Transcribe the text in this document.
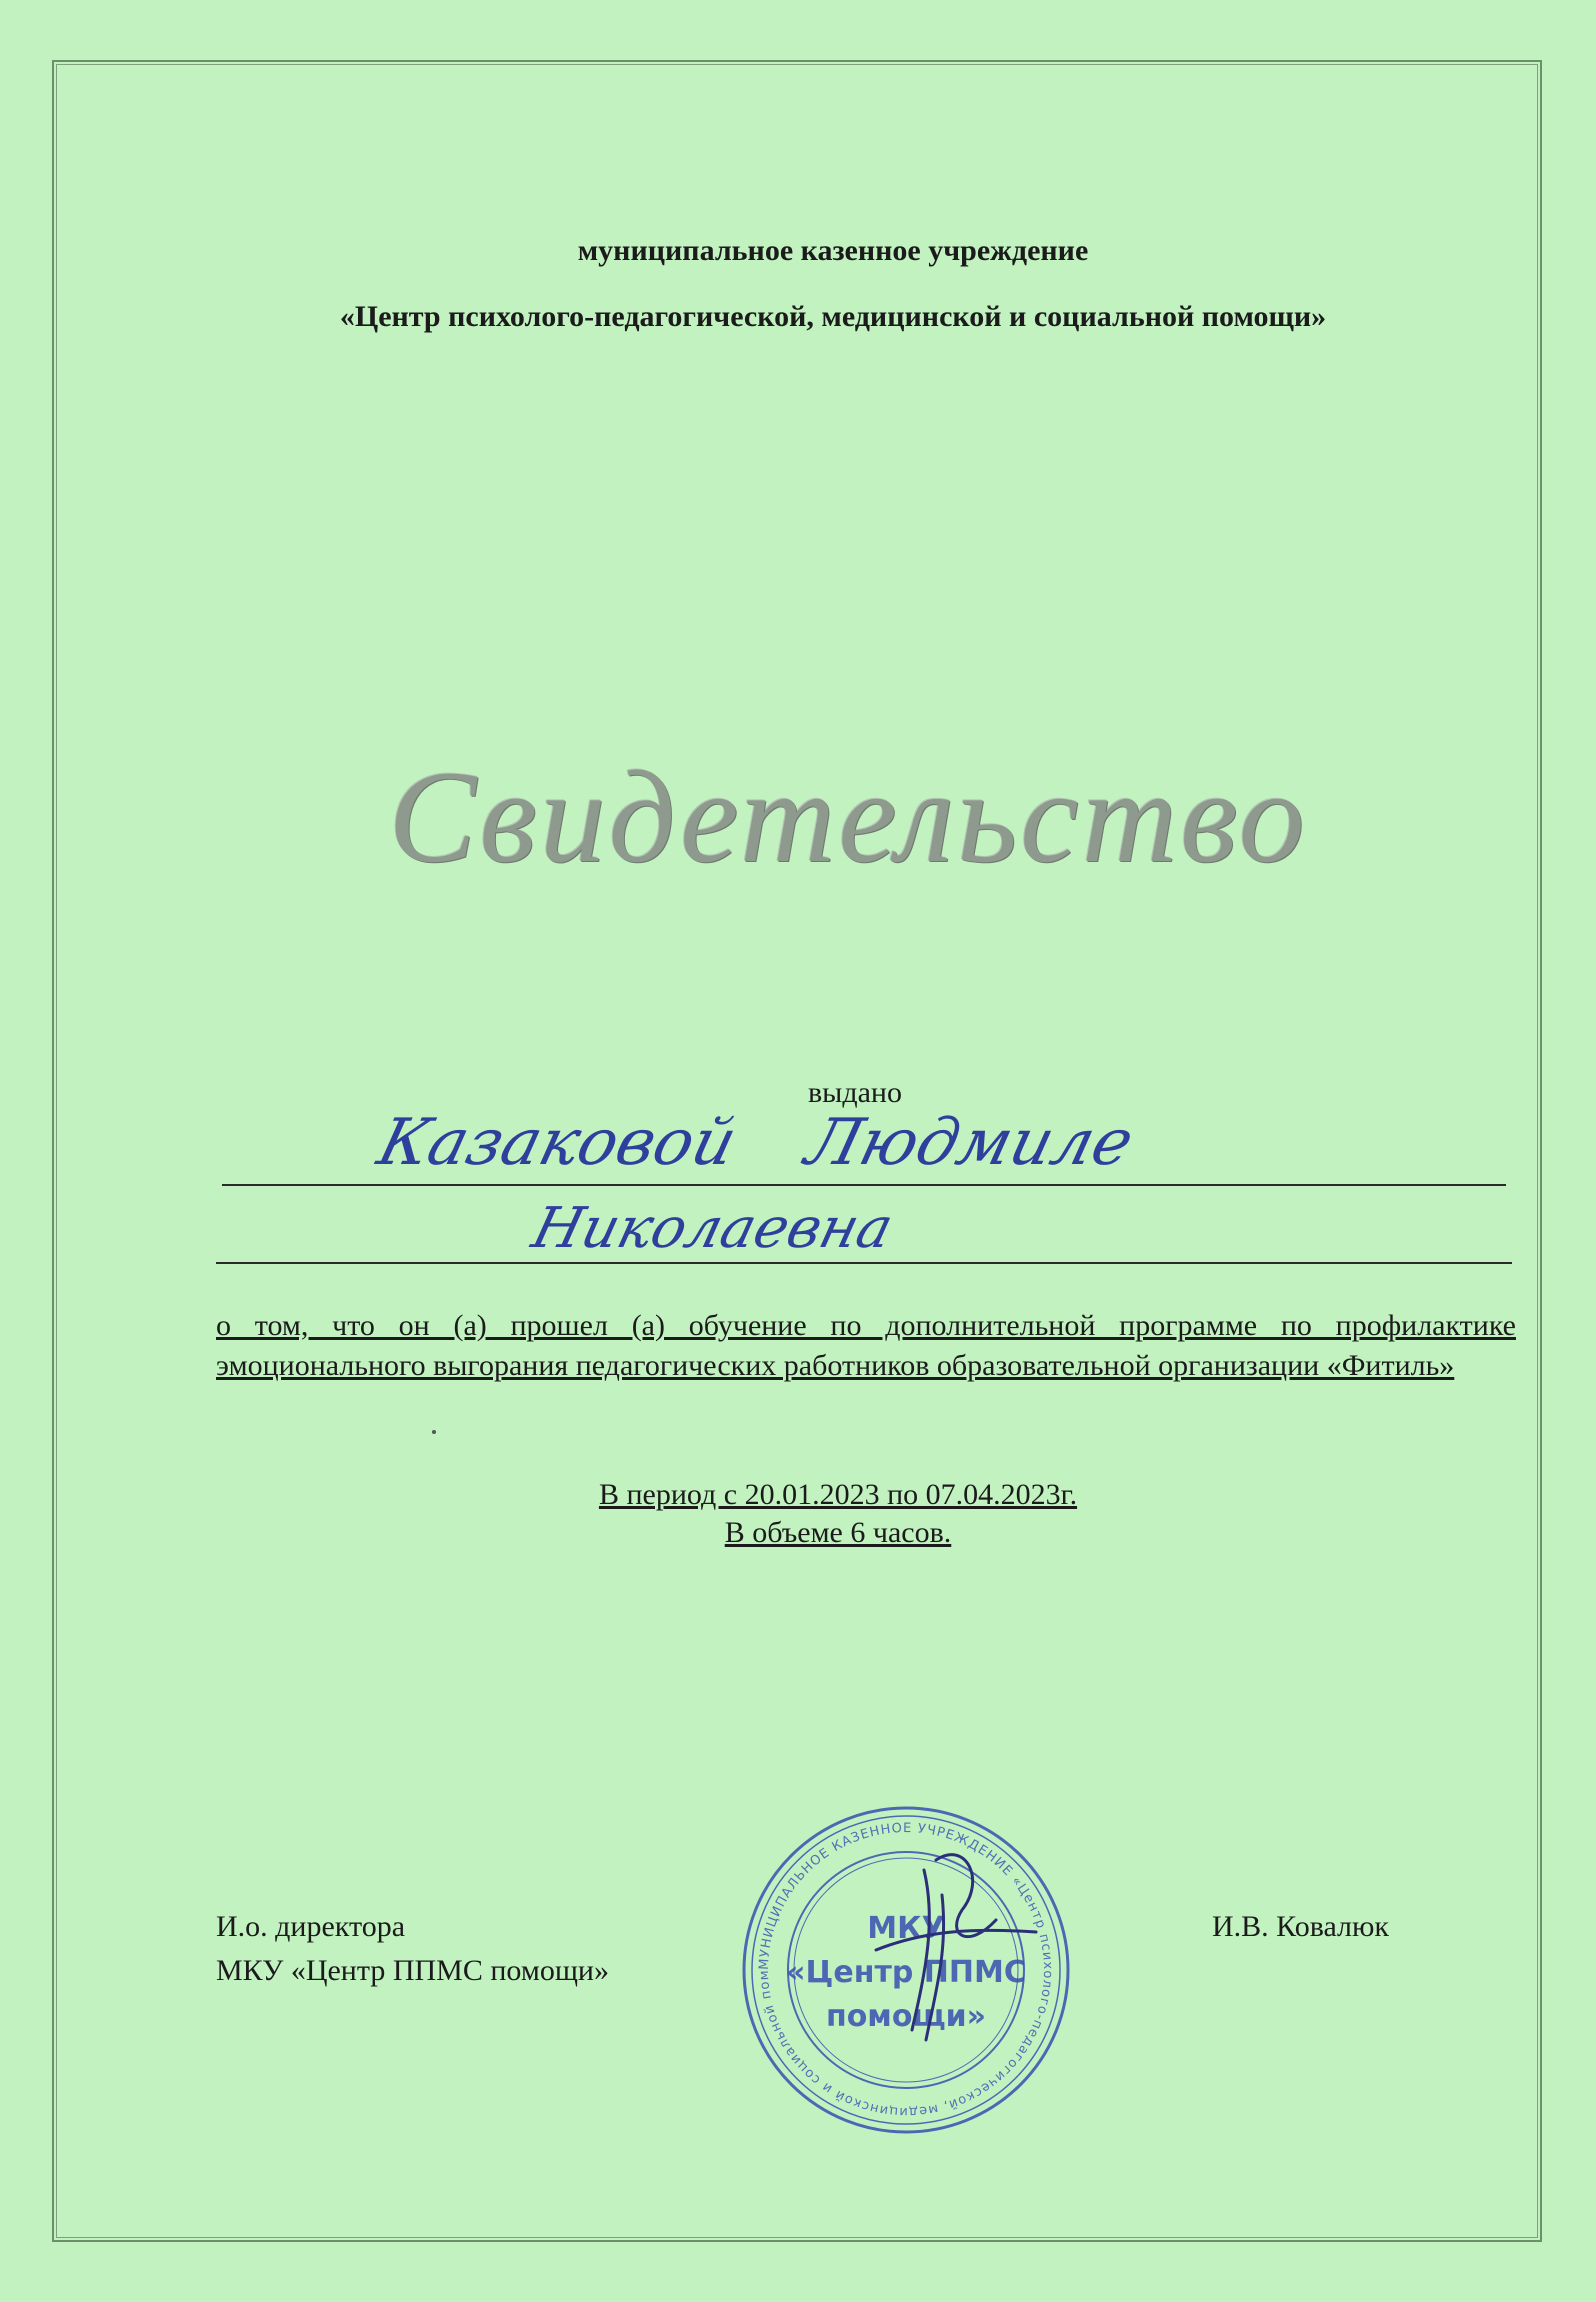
муниципальное казенное учреждение
«Центр психолого-педагогической, медицинской и социальной помощи»
Свидетельство
выдано
Казаковой Людмиле
Николаевна
о том, что он (а) прошел (а) обучение по дополнительной программе по профилактике эмоционального выгорания педагогических работников образовательной организации «Фитиль»
В период с 20.01.2023 по 07.04.2023г.
В объеме 6 часов.
И.о. директора
МКУ «Центр ППМС помощи»
И.В. Ковалюк
МУНИЦИПАЛЬНОЕ КАЗЕННОЕ УЧРЕЖДЕНИЕ «Центр психолого-педагогической, медицинской и социальной пом
МКУ
«Центр ППМС
помощи»
